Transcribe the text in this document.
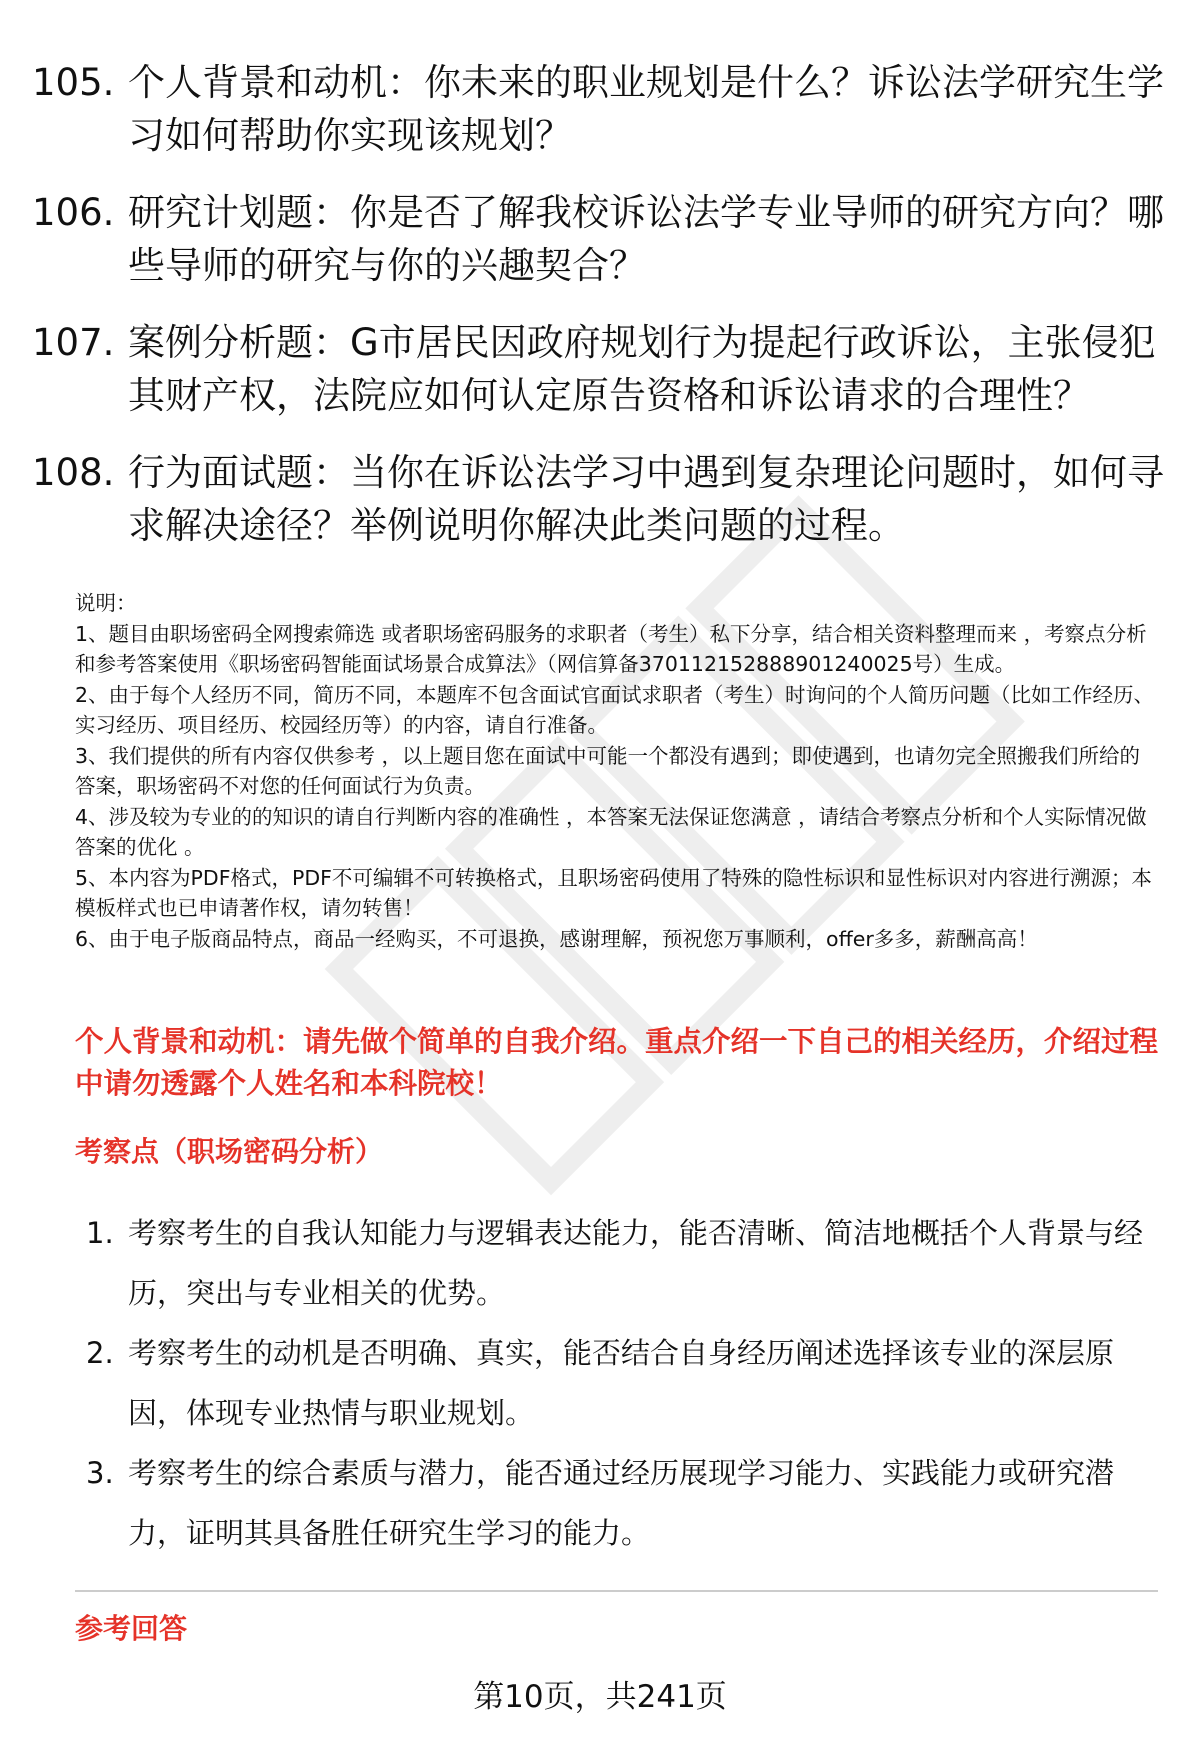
105. 个人背景和动机：你未来的职业规划是什么？诉讼法学研究生学习如何帮助你实现该规划？
106. 研究计划题：你是否了解我校诉讼法学专业导师的研究方向？哪些导师的研究与你的兴趣契合？
107. 案例分析题：G市居民因政府规划行为提起行政诉讼，主张侵犯其财产权，法院应如何认定原告资格和诉讼请求的合理性？
108. 行为面试题：当你在诉讼法学习中遇到复杂理论问题时，如何寻求解决途径？举例说明你解决此类问题的过程。

说明：

1、题目由职场密码全网搜索筛选 或者职场密码服务的求职者（考生）私下分享，结合相关资料整理而来 ，考察点分析和参考答案使用《职场密码智能面试场景合成算法》（网信算备370112152888901240025号）生成。

2、由于每个人经历不同，简历不同，本题库不包含面试官面试求职者（考生）时询问的个人简历问题（比如工作经历、实习经历、项目经历、校园经历等）的内容，请自行准备。

3、我们提供的所有内容仅供参考 ，以上题目您在面试中可能一个都没有遇到；即使遇到，也请勿完全照搬我们所给的答案，职场密码不对您的任何面试行为负责。

4、涉及较为专业的的知识的请自行判断内容的准确性 ，本答案无法保证您满意 ，请结合考察点分析和个人实际情况做答案的优化 。

5、本内容为PDF格式，PDF不可编辑不可转换格式，且职场密码使用了特殊的隐性标识和显性标识对内容进行溯源；本模板样式也已申请著作权，请勿转售！

6、由于电子版商品特点，商品一经购买，不可退换，感谢理解，预祝您万事顺利，offer多多，薪酬高高！

个人背景和动机：请先做个简单的自我介绍。重点介绍一下自己的相关经历，介绍过程中请勿透露个人姓名和本科院校！
考察点（职场密码分析）
1. 考察考生的自我认知能力与逻辑表达能力，能否清晰、简洁地概括个人背景与经历，突出与专业相关的优势。
2. 考察考生的动机是否明确、真实，能否结合自身经历阐述选择该专业的深层原因，体现专业热情与职业规划。
3. 考察考生的综合素质与潜力，能否通过经历展现学习能力、实践能力或研究潜力，证明其具备胜任研究生学习的能力。
参考回答
第10页，共241页
